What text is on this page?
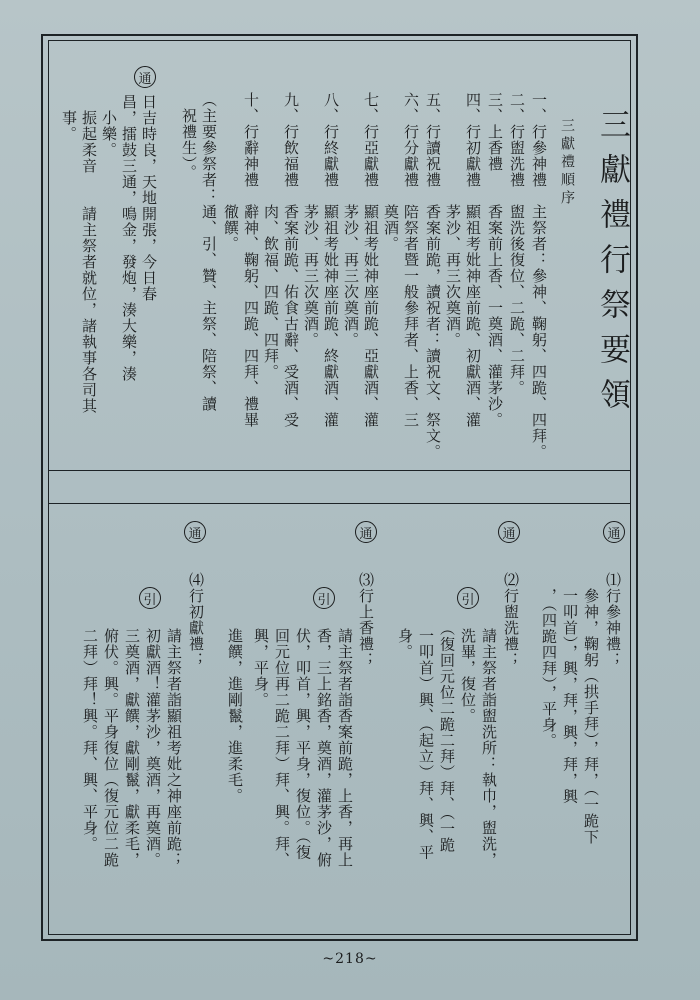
三獻禮行祭要領
三獻禮順序
一、行參神禮　主祭者：參神、鞠躬、四跪、四拜。
二、行盥洗禮　盥洗後復位、二跪、二拜。
三、上香禮　　香案前上香、一奠酒、灌茅沙。
四、行初獻禮　顯祖考妣神座前跪、初獻酒、灌
　　　　　　　茅沙、再三次奠酒。
五、行讀祝禮　香案前跪，讀祝者：讀祝文、祭文。
六、行分獻禮　陪祭者暨一般參拜者、上香、三
　　　　　　　奠酒。
七、行亞獻禮　顯祖考妣神座前跪、亞獻酒、灌
　　　　　　　茅沙、再三次奠酒。
八、行終獻禮　顯祖考妣神座前跪、終獻酒、灌
　　　　　　　茅沙、再三次奠酒。
九、行飲福禮　香案前跪、佑食古辭、受酒、受
　　　　　　　肉、飲福、四跪、四拜。
十、行辭神禮　辭神、鞠躬、四跪、四拜、禮畢
　　　　　　　徹饌。
（主要參祭者：通、引、贊、主祭、陪祭、讀
　祝禮生）。
通
日吉時良，天地開張，今日春
昌，擂鼓三通，鳴金，發炮，湊大樂，湊
　小樂。
　振起柔音　　請主祭者就位，諸執事各司其
　事。
通
通
通
通
引
引
引	⑴行參神禮；
　參神，鞠躬（拱手拜），拜，（一跪下
　一叩首），興，拜，興，拜，興
　，（四跪四拜），平身。
⑵行盥洗禮；
　請主祭者詣盥洗所：執巾，盥洗，
　洗畢，復位。
　（復回元位二跪二拜）拜、（一跪
　一叩首）興、（起立）拜、興、平
　身。
⑶行上香禮；
　請主祭者詣香案前跪，上香，再上
　香，三上銘香，奠酒，灌茅沙，俯
　伏，叩首，興，平身，復位。（復
　回元位再二跪二拜）拜、興。拜、
　興，平身。
　進饌，進剛鬣，進柔毛。
⑷行初獻禮；
　請主祭者詣顯祖考妣之神座前跪；
　初獻酒！灌茅沙，奠酒，再奠酒。
　三奠酒，獻饌，獻剛鬣，獻柔毛，
　俯伏。興。平身復位（復元位二跪
　二拜）拜！興。拜、興、平身。
~218~
